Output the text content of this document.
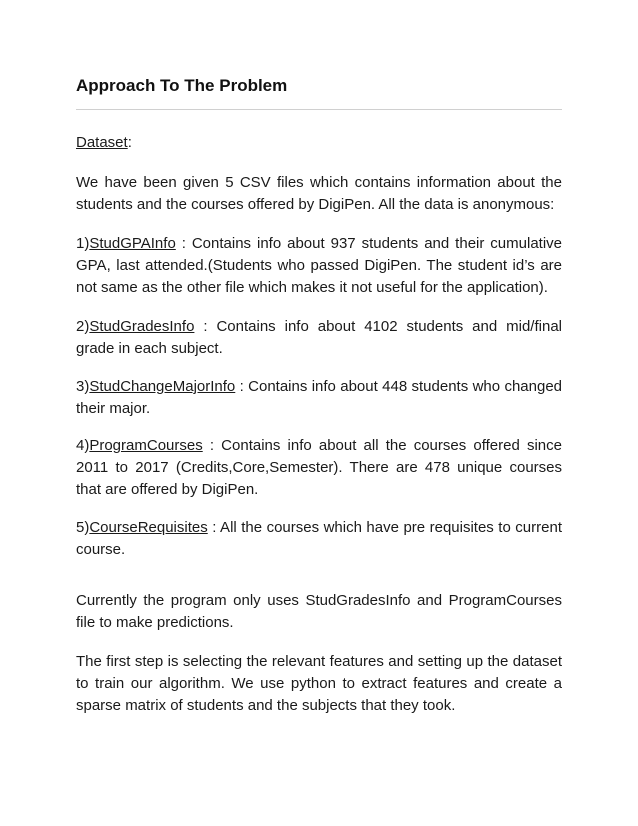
Approach To The Problem

Dataset:

We have been given 5 CSV files which contains information about the students and the courses offered by DigiPen. All the data is anonymous:

1)StudGPAInfo : Contains info about 937 students and their cumulative GPA, last attended.(Students who passed DigiPen. The student id’s are not same as the other file which makes it not useful for the application).

2)StudGradesInfo : Contains info about 4102 students and mid/final grade in each subject.

3)StudChangeMajorInfo : Contains info about 448 students who changed their major.

4)ProgramCourses : Contains info about all the courses offered since 2011 to 2017 (Credits,Core,Semester). There are 478 unique courses that are offered by DigiPen.

5)CourseRequisites : All the courses which have pre requisites to current course.

Currently the program only uses StudGradesInfo and ProgramCourses file to make predictions.

The first step is selecting the relevant features and setting up the dataset to train our algorithm. We use python to extract features and create a sparse matrix of students and the subjects that they took.
